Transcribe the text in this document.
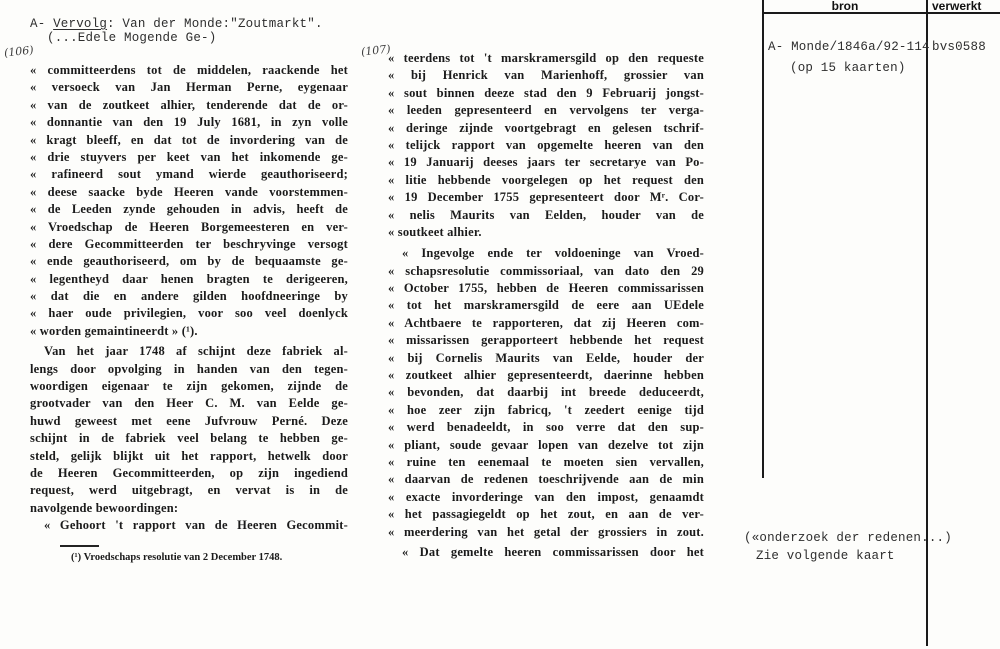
A- Vervolg: Van der Monde:"Zoutmarkt".
(...Edele Mogende Ge-)
(106)	(107)
« committeerdens tot de middelen, raackende het
« versoeck van Jan Herman Perne, eygenaar
« van de zoutkeet alhier, tenderende dat de or-
« donnantie van den 19 July 1681, in zyn volle
« kragt bleeff, en dat tot de invordering van de
« drie stuyvers per keet van het inkomende ge-
« rafineerd sout ymand wierde geauthoriseerd;
« deese saacke byde Heeren vande voorstemmen-
« de Leeden zynde gehouden in advis, heeft de
« Vroedschap de Heeren Borgemeesteren en ver-
« dere Gecommitteerden ter beschryvinge versogt
« ende geauthoriseerd, om by de bequaamste ge-
« legentheyd daar henen bragten te derigeeren,
« dat die en andere gilden hoofdneeringe by
« haer oude privilegien, voor soo veel doenlyck
« worden gemaintineerdt » (¹).
Van het jaar 1748 af schijnt deze fabriek al-
lengs door opvolging in handen van den tegen-
woordigen eigenaar te zijn gekomen, zijnde de
grootvader van den Heer C. M. van Eelde ge-
huwd geweest met eene Jufvrouw Perné. Deze
schijnt in de fabriek veel belang te hebben ge-
steld, gelijk blijkt uit het rapport, hetwelk door
de Heeren Gecommitteerden, op zijn ingediend
request, werd uitgebragt, en vervat is in de
navolgende bewoordingen:
« Gehoort 't rapport van de Heeren Gecommit-
(¹) Vroedschaps resolutie van 2 December 1748.
« teerdens tot 't marskramersgild op den requeste
« bij Henrick van Marienhoff, grossier van
« sout binnen deeze stad den 9 Februarij jongst-
« leeden gepresenteerd en vervolgens ter verga-
« deringe zijnde voortgebragt en gelesen tschrif-
« telijck rapport van opgemelte heeren van den
« 19 Januarij deeses jaars ter secretarye van Po-
« litie hebbende voorgelegen op het request den
« 19 December 1755 gepresenteert door Mʳ. Cor-
« nelis Maurits van Eelden, houder van de
« soutkeet alhier.
« Ingevolge ende ter voldoeninge van Vroed-
« schapsresolutie commissoriaal, van dato den 29
« October 1755, hebben de Heeren commissarissen
« tot het marskramersgild de eere aan UEdele
« Achtbaere te rapporteren, dat zij Heeren com-
« missarissen gerapporteert hebbende het request
« bij Cornelis Maurits van Eelde, houder der
« zoutkeet alhier gepresenteerdt, daerinne hebben
« bevonden, dat daarbij int breede deduceerdt,
« hoe zeer zijn fabricq, 't zeedert eenige tijd
« werd benadeeldt, in soo verre dat den sup-
« pliant, soude gevaar lopen van dezelve tot zijn
« ruine ten eenemaal te moeten sien vervallen,
« daarvan de redenen toeschrijvende aan de min
« exacte invorderinge van den impost, genaamdt
« het passagiegeldt op het zout, en aan de ver-
« meerdering van het getal der grossiers in zout.
« Dat gemelte heeren commissarissen door het
bron	verwerkt
A- Monde/1846a/92-114
(op 15 kaarten)
bvs0588
(«onderzoek der redenen...)
Zie volgende kaart
